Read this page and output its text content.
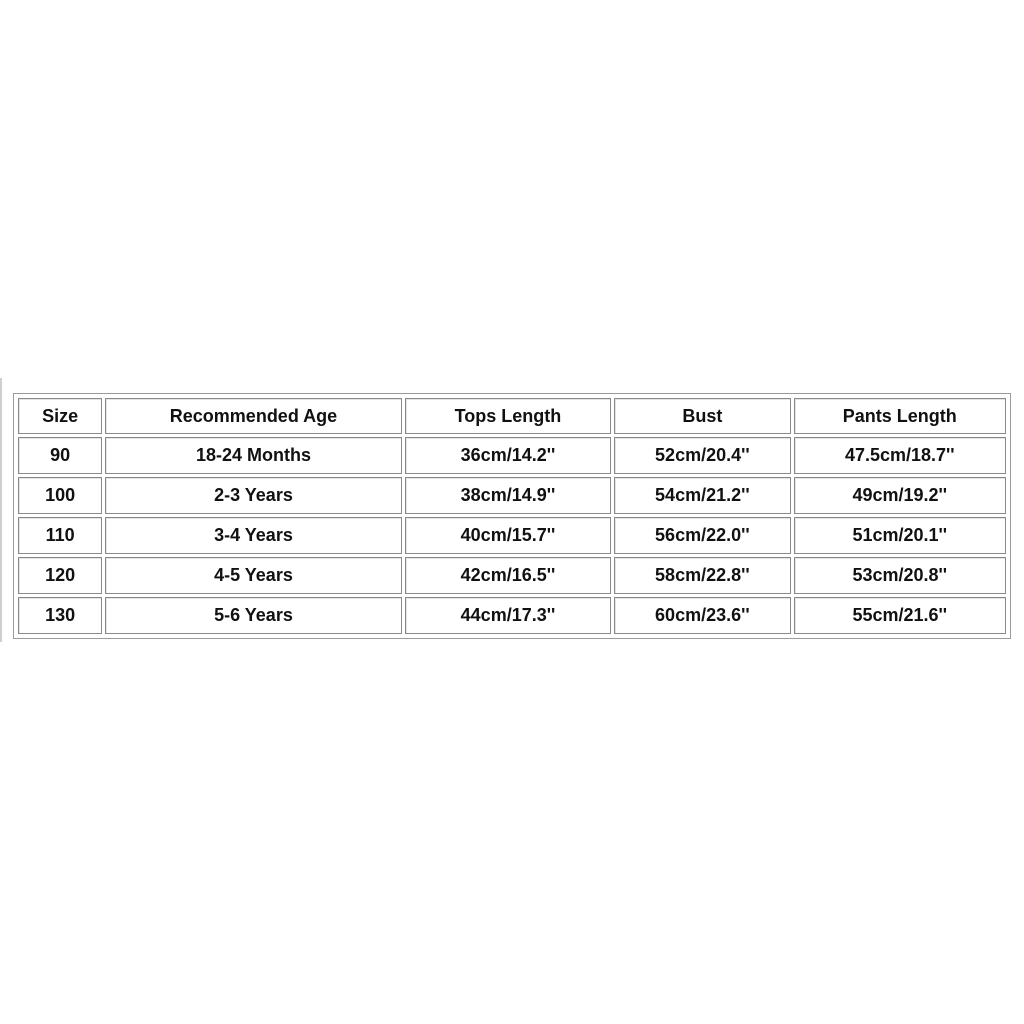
Size	Recommended Age	Tops Length	Bust	Pants Length
90	18-24 Months	36cm/14.2''	52cm/20.4''	47.5cm/18.7''
100	2-3 Years	38cm/14.9''	54cm/21.2''	49cm/19.2''
110	3-4 Years	40cm/15.7''	56cm/22.0''	51cm/20.1''
120	4-5 Years	42cm/16.5''	58cm/22.8''	53cm/20.8''
130	5-6 Years	44cm/17.3''	60cm/23.6''	55cm/21.6''
